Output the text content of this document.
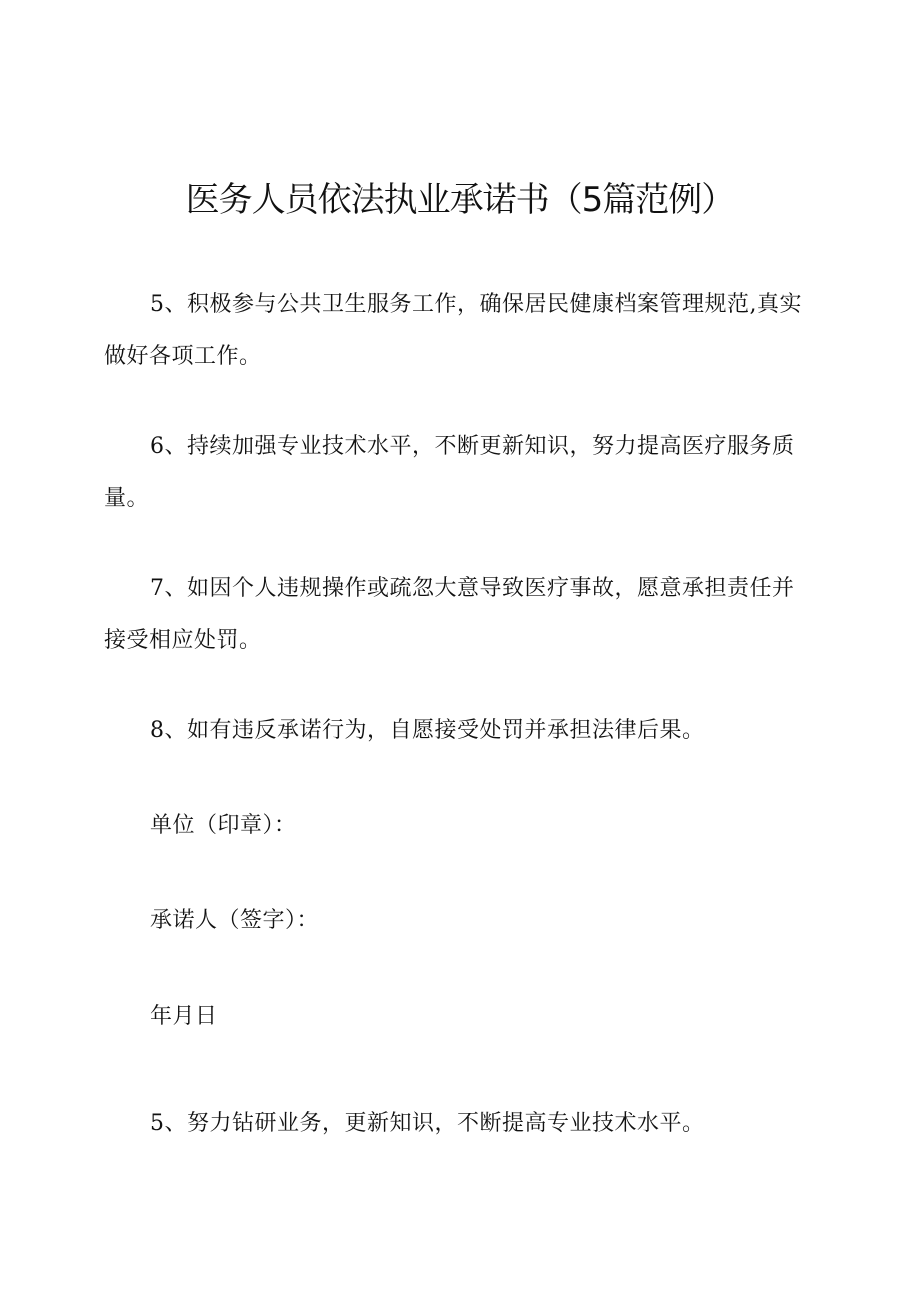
医务人员依法执业承诺书（5篇范例）

5、积极参与公共卫生服务工作，确保居民健康档案管理规范,真实做好各项工作。

6、持续加强专业技术水平，不断更新知识，努力提高医疗服务质量。

7、如因个人违规操作或疏忽大意导致医疗事故，愿意承担责任并接受相应处罚。

8、如有违反承诺行为，自愿接受处罚并承担法律后果。

单位（印章）：

承诺人（签字）：

年月日

5、努力钻研业务，更新知识，不断提高专业技术水平。
